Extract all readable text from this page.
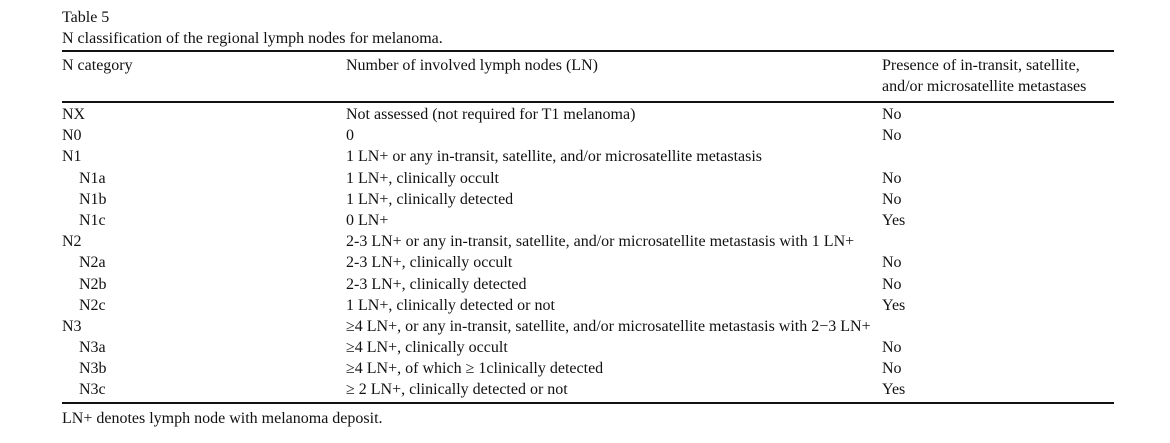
Table 5
N classification of the regional lymph nodes for melanoma.
N category	Number of involved lymph nodes (LN)	Presence of in-transit, satellite,
and/or microsatellite metastases
NX	Not assessed (not required for T1 melanoma)	No
N0	0	No
N1	1 LN+ or any in-transit, satellite, and/or microsatellite metastasis
N1a	1 LN+, clinically occult	No
N1b	1 LN+, clinically detected	No
N1c	0 LN+	Yes
N2	2-3 LN+ or any in-transit, satellite, and/or microsatellite metastasis with 1 LN+
N2a	2-3 LN+, clinically occult	No
N2b	2-3 LN+, clinically detected	No
N2c	1 LN+, clinically detected or not	Yes
N3	≥4 LN+, or any in-transit, satellite, and/or microsatellite metastasis with 2−3 LN+
N3a	≥4 LN+, clinically occult	No
N3b	≥4 LN+, of which ≥ 1clinically detected	No
N3c	≥ 2 LN+, clinically detected or not	Yes
LN+ denotes lymph node with melanoma deposit.
